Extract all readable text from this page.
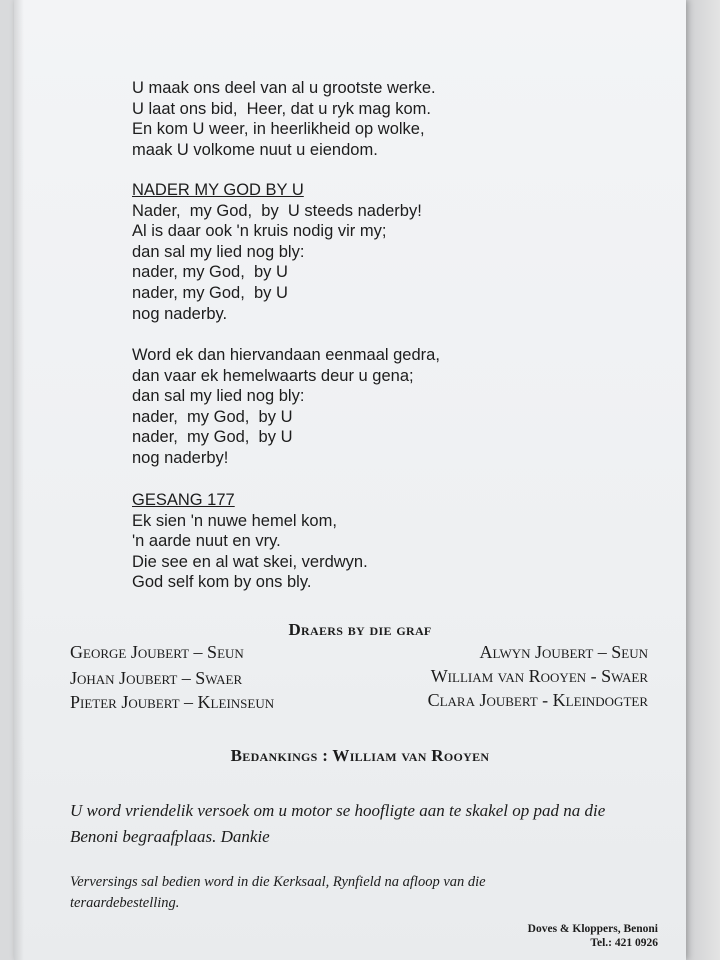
U maak ons deel van al u grootste werke.
U laat ons bid,  Heer, dat u ryk mag kom.
En kom U weer, in heerlikheid op wolke,
maak U volkome nuut u eiendom.
NADER MY GOD BY U
Nader,  my God,  by  U steeds naderby!
Al is daar ook 'n kruis nodig vir my;
dan sal my lied nog bly:
nader, my God,  by U
nader, my God,  by U
nog naderby.
Word ek dan hiervandaan eenmaal gedra,
dan vaar ek hemelwaarts deur u gena;
dan sal my lied nog bly:
nader,  my God,  by U
nader,  my God,  by U
nog naderby!
GESANG 177
Ek sien 'n nuwe hemel kom,
'n aarde nuut en vry.
Die see en al wat skei, verdwyn.
God self kom by ons bly.
Draers by die graf
George Joubert – Seun
Johan Joubert – Swaer
Pieter Joubert – Kleinseun
Alwyn Joubert – Seun
William van Rooyen - Swaer
Clara Joubert - Kleindogter
Bedankings : William van Rooyen
U word vriendelik versoek om u motor se hoofligte aan te skakel op pad na die
Benoni begraafplaas. Dankie
Verversings sal bedien word in die Kerksaal, Rynfield na afloop van die
teraardebestelling.
Doves & Kloppers, Benoni
Tel.: 421 0926
